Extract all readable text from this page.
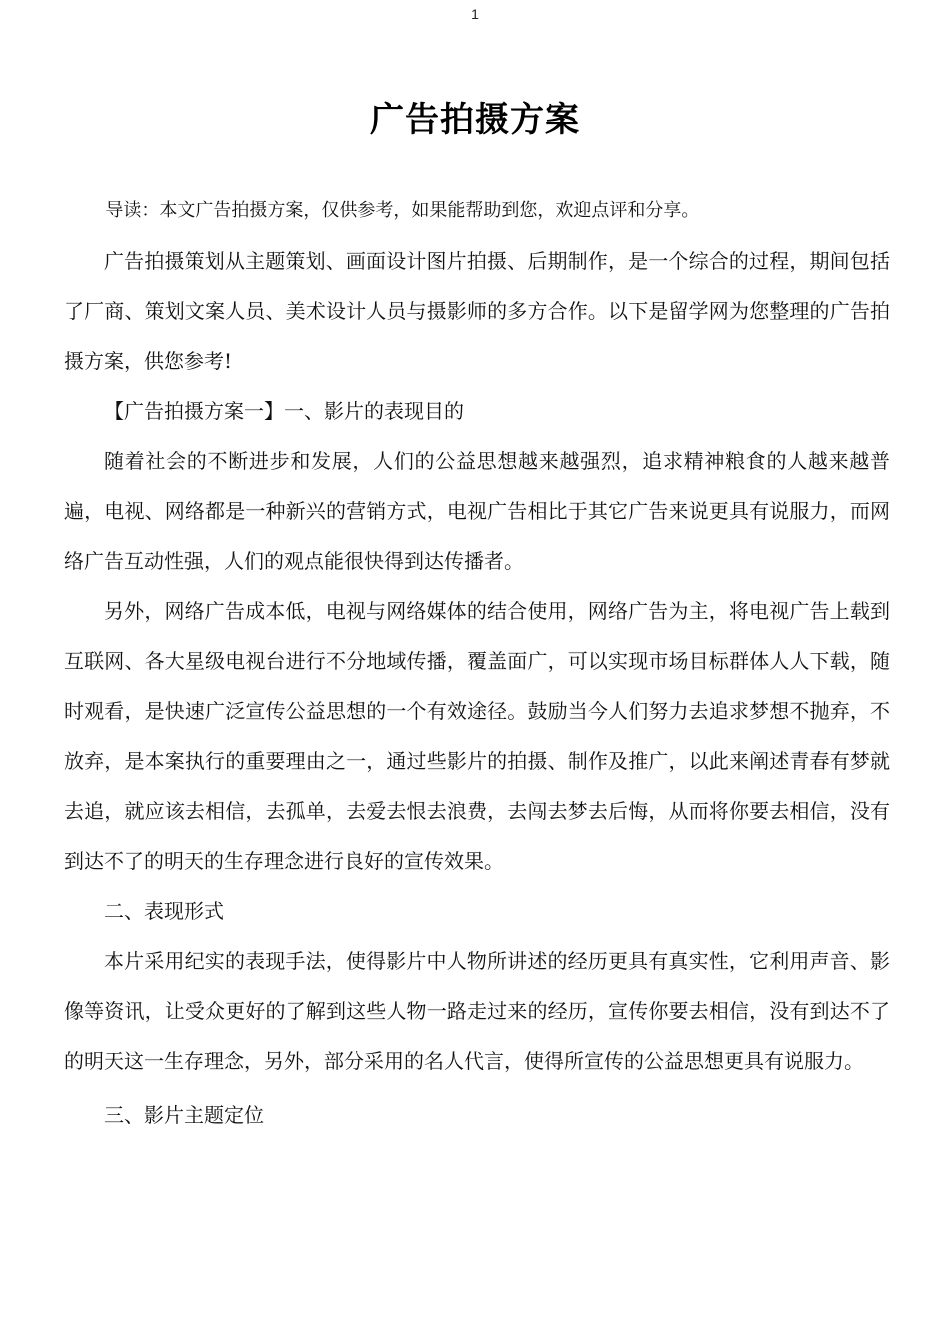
1
广告拍摄方案

导读：本文广告拍摄方案，仅供参考，如果能帮助到您，欢迎点评和分享。

广告拍摄策划从主题策划、画面设计图片拍摄、后期制作，是一个综合的过程，期间包括了厂商、策划文案人员、美术设计人员与摄影师的多方合作。以下是留学网为您整理的广告拍摄方案，供您参考!

【广告拍摄方案一】一、影片的表现目的

随着社会的不断进步和发展，人们的公益思想越来越强烈，追求精神粮食的人越来越普遍，电视、网络都是一种新兴的营销方式，电视广告相比于其它广告来说更具有说服力，而网络广告互动性强，人们的观点能很快得到达传播者。

另外，网络广告成本低，电视与网络媒体的结合使用，网络广告为主，将电视广告上载到互联网、各大星级电视台进行不分地域传播，覆盖面广，可以实现市场目标群体人人下载，随时观看，是快速广泛宣传公益思想的一个有效途径。鼓励当今人们努力去追求梦想不抛弃，不放弃，是本案执行的重要理由之一，通过些影片的拍摄、制作及推广，以此来阐述青春有梦就去追，就应该去相信，去孤单，去爱去恨去浪费，去闯去梦去后悔，从而将你要去相信，没有到达不了的明天的生存理念进行良好的宣传效果。

二、表现形式

本片采用纪实的表现手法，使得影片中人物所讲述的经历更具有真实性，它利用声音、影像等资讯，让受众更好的了解到这些人物一路走过来的经历，宣传你要去相信，没有到达不了的明天这一生存理念，另外，部分采用的名人代言，使得所宣传的公益思想更具有说服力。

三、影片主题定位
